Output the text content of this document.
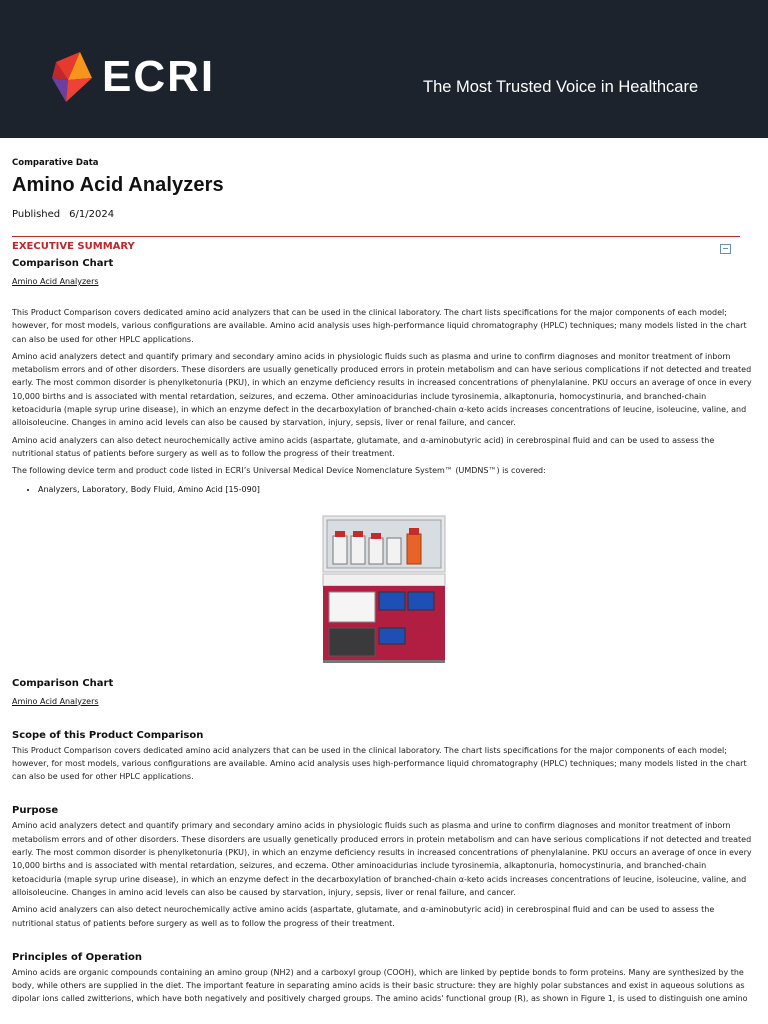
ECRI	The Most Trusted Voice in Healthcare
Comparative Data
Amino Acid Analyzers
Published 6/1/2024
EXECUTIVE SUMMARY
Comparison Chart
Amino Acid Analyzers

This Product Comparison covers dedicated amino acid analyzers that can be used in the clinical laboratory. The chart lists specifications for the major components of each model; however, for most models, various configurations are available. Amino acid analysis uses high-performance liquid chromatography (HPLC) techniques; many models listed in the chart can also be used for other HPLC applications.

Amino acid analyzers detect and quantify primary and secondary amino acids in physiologic fluids such as plasma and urine to confirm diagnoses and monitor treatment of inborn metabolism errors and of other disorders. These disorders are usually genetically produced errors in protein metabolism and can have serious complications if not detected and treated early. The most common disorder is phenylketonuria (PKU), in which an enzyme deficiency results in increased concentrations of phenylalanine. PKU occurs an average of once in every 10,000 births and is associated with mental retardation, seizures, and eczema. Other aminoacidurias include tyrosinemia, alkaptonuria, homocystinuria, and branched-chain ketoaciduria (maple syrup urine disease), in which an enzyme defect in the decarboxylation of branched-chain α-keto acids increases concentrations of leucine, isoleucine, valine, and alloisoleucine. Changes in amino acid levels can also be caused by starvation, injury, sepsis, liver or renal failure, and cancer.

Amino acid analyzers can also detect neurochemically active amino acids (aspartate, glutamate, and α-aminobutyric acid) in cerebrospinal fluid and can be used to assess the nutritional status of patients before surgery as well as to follow the progress of their treatment.

The following device term and product code listed in ECRI’s Universal Medical Device Nomenclature System™ (UMDNS™) is covered:

• Analyzers, Laboratory, Body Fluid, Amino Acid [15-090]
Comparison Chart
Amino Acid Analyzers
Scope of this Product Comparison

This Product Comparison covers dedicated amino acid analyzers that can be used in the clinical laboratory. The chart lists specifications for the major components of each model; however, for most models, various configurations are available. Amino acid analysis uses high-performance liquid chromatography (HPLC) techniques; many models listed in the chart can also be used for other HPLC applications.

Purpose

Amino acid analyzers detect and quantify primary and secondary amino acids in physiologic fluids such as plasma and urine to confirm diagnoses and monitor treatment of inborn metabolism errors and of other disorders. These disorders are usually genetically produced errors in protein metabolism and can have serious complications if not detected and treated early. The most common disorder is phenylketonuria (PKU), in which an enzyme deficiency results in increased concentrations of phenylalanine. PKU occurs an average of once in every 10,000 births and is associated with mental retardation, seizures, and eczema. Other aminoacidurias include tyrosinemia, alkaptonuria, homocystinuria, and branched-chain ketoaciduria (maple syrup urine disease), in which an enzyme defect in the decarboxylation of branched-chain α-keto acids increases concentrations of leucine, isoleucine, valine, and alloisoleucine. Changes in amino acid levels can also be caused by starvation, injury, sepsis, liver or renal failure, and cancer.

Amino acid analyzers can also detect neurochemically active amino acids (aspartate, glutamate, and α-aminobutyric acid) in cerebrospinal fluid and can be used to assess the nutritional status of patients before surgery as well as to follow the progress of their treatment.

Principles of Operation

Amino acids are organic compounds containing an amino group (NH2) and a carboxyl group (COOH), which are linked by peptide bonds to form proteins. Many are synthesized by the body, while others are supplied in the diet. The important feature in separating amino acids is their basic structure: they are highly polar substances and exist in aqueous solutions as dipolar ions called zwitterions, which have both negatively and positively charged groups. The amino acids' functional group (R), as shown in Figure 1, is used to distinguish one amino
